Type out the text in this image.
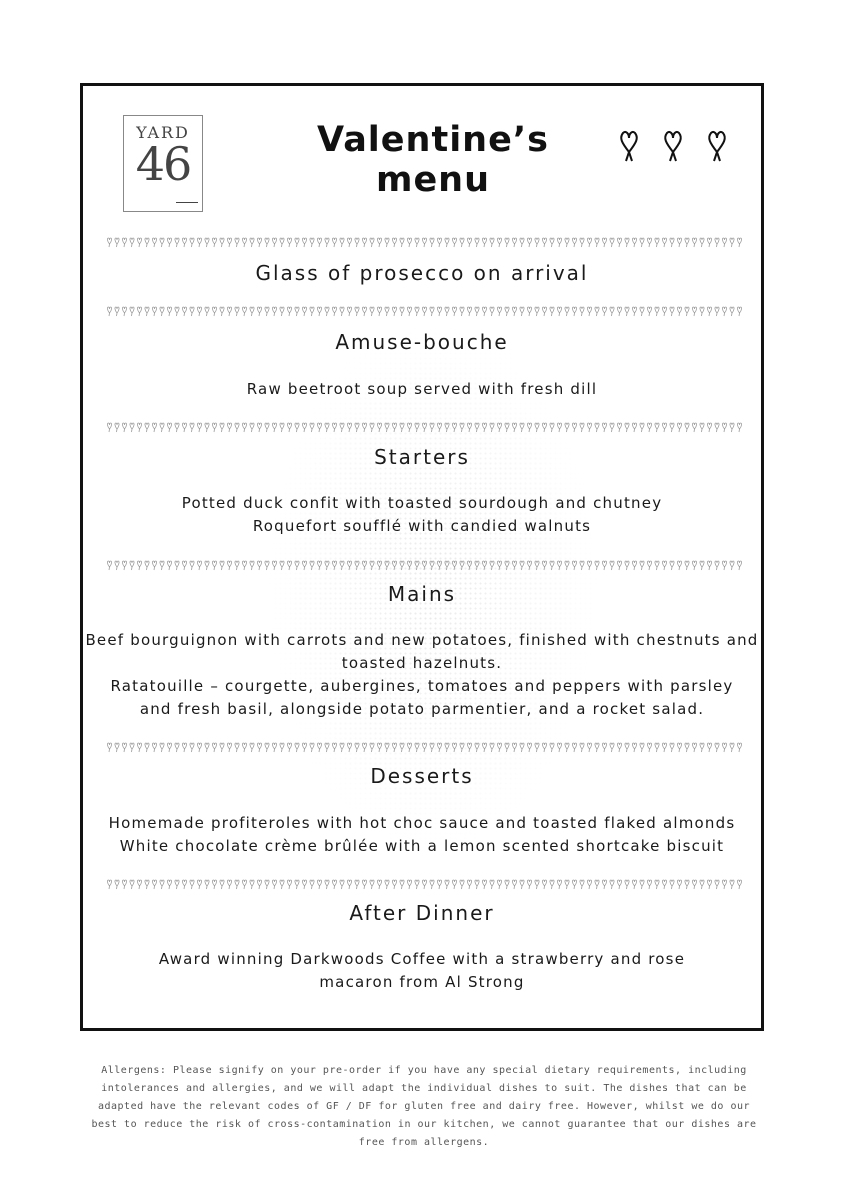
YARD
46	Valentine’s
menu
Glass of prosecco on arrival
Amuse-bouche
Raw beetroot soup served with fresh dill
Starters
Potted duck confit with toasted sourdough and chutney
Roquefort soufflé with candied walnuts
Mains
Beef bourguignon with carrots and new potatoes, finished with chestnuts and toasted hazelnuts.
Ratatouille – courgette, aubergines, tomatoes and peppers with parsley and fresh basil, alongside potato parmentier, and a rocket salad.
Desserts
Homemade profiteroles with hot choc sauce and toasted flaked almonds
White chocolate crème brûlée with a lemon scented shortcake biscuit
After Dinner
Award winning Darkwoods Coffee with a strawberry and rose macaron from Al Strong
Allergens: Please signify on your pre-order if you have any special dietary requirements, including intolerances and allergies, and we will adapt the individual dishes to suit. The dishes that can be adapted have the relevant codes of GF / DF for gluten free and dairy free. However, whilst we do our best to reduce the risk of cross-contamination in our kitchen, we cannot guarantee that our dishes are free from allergens.
